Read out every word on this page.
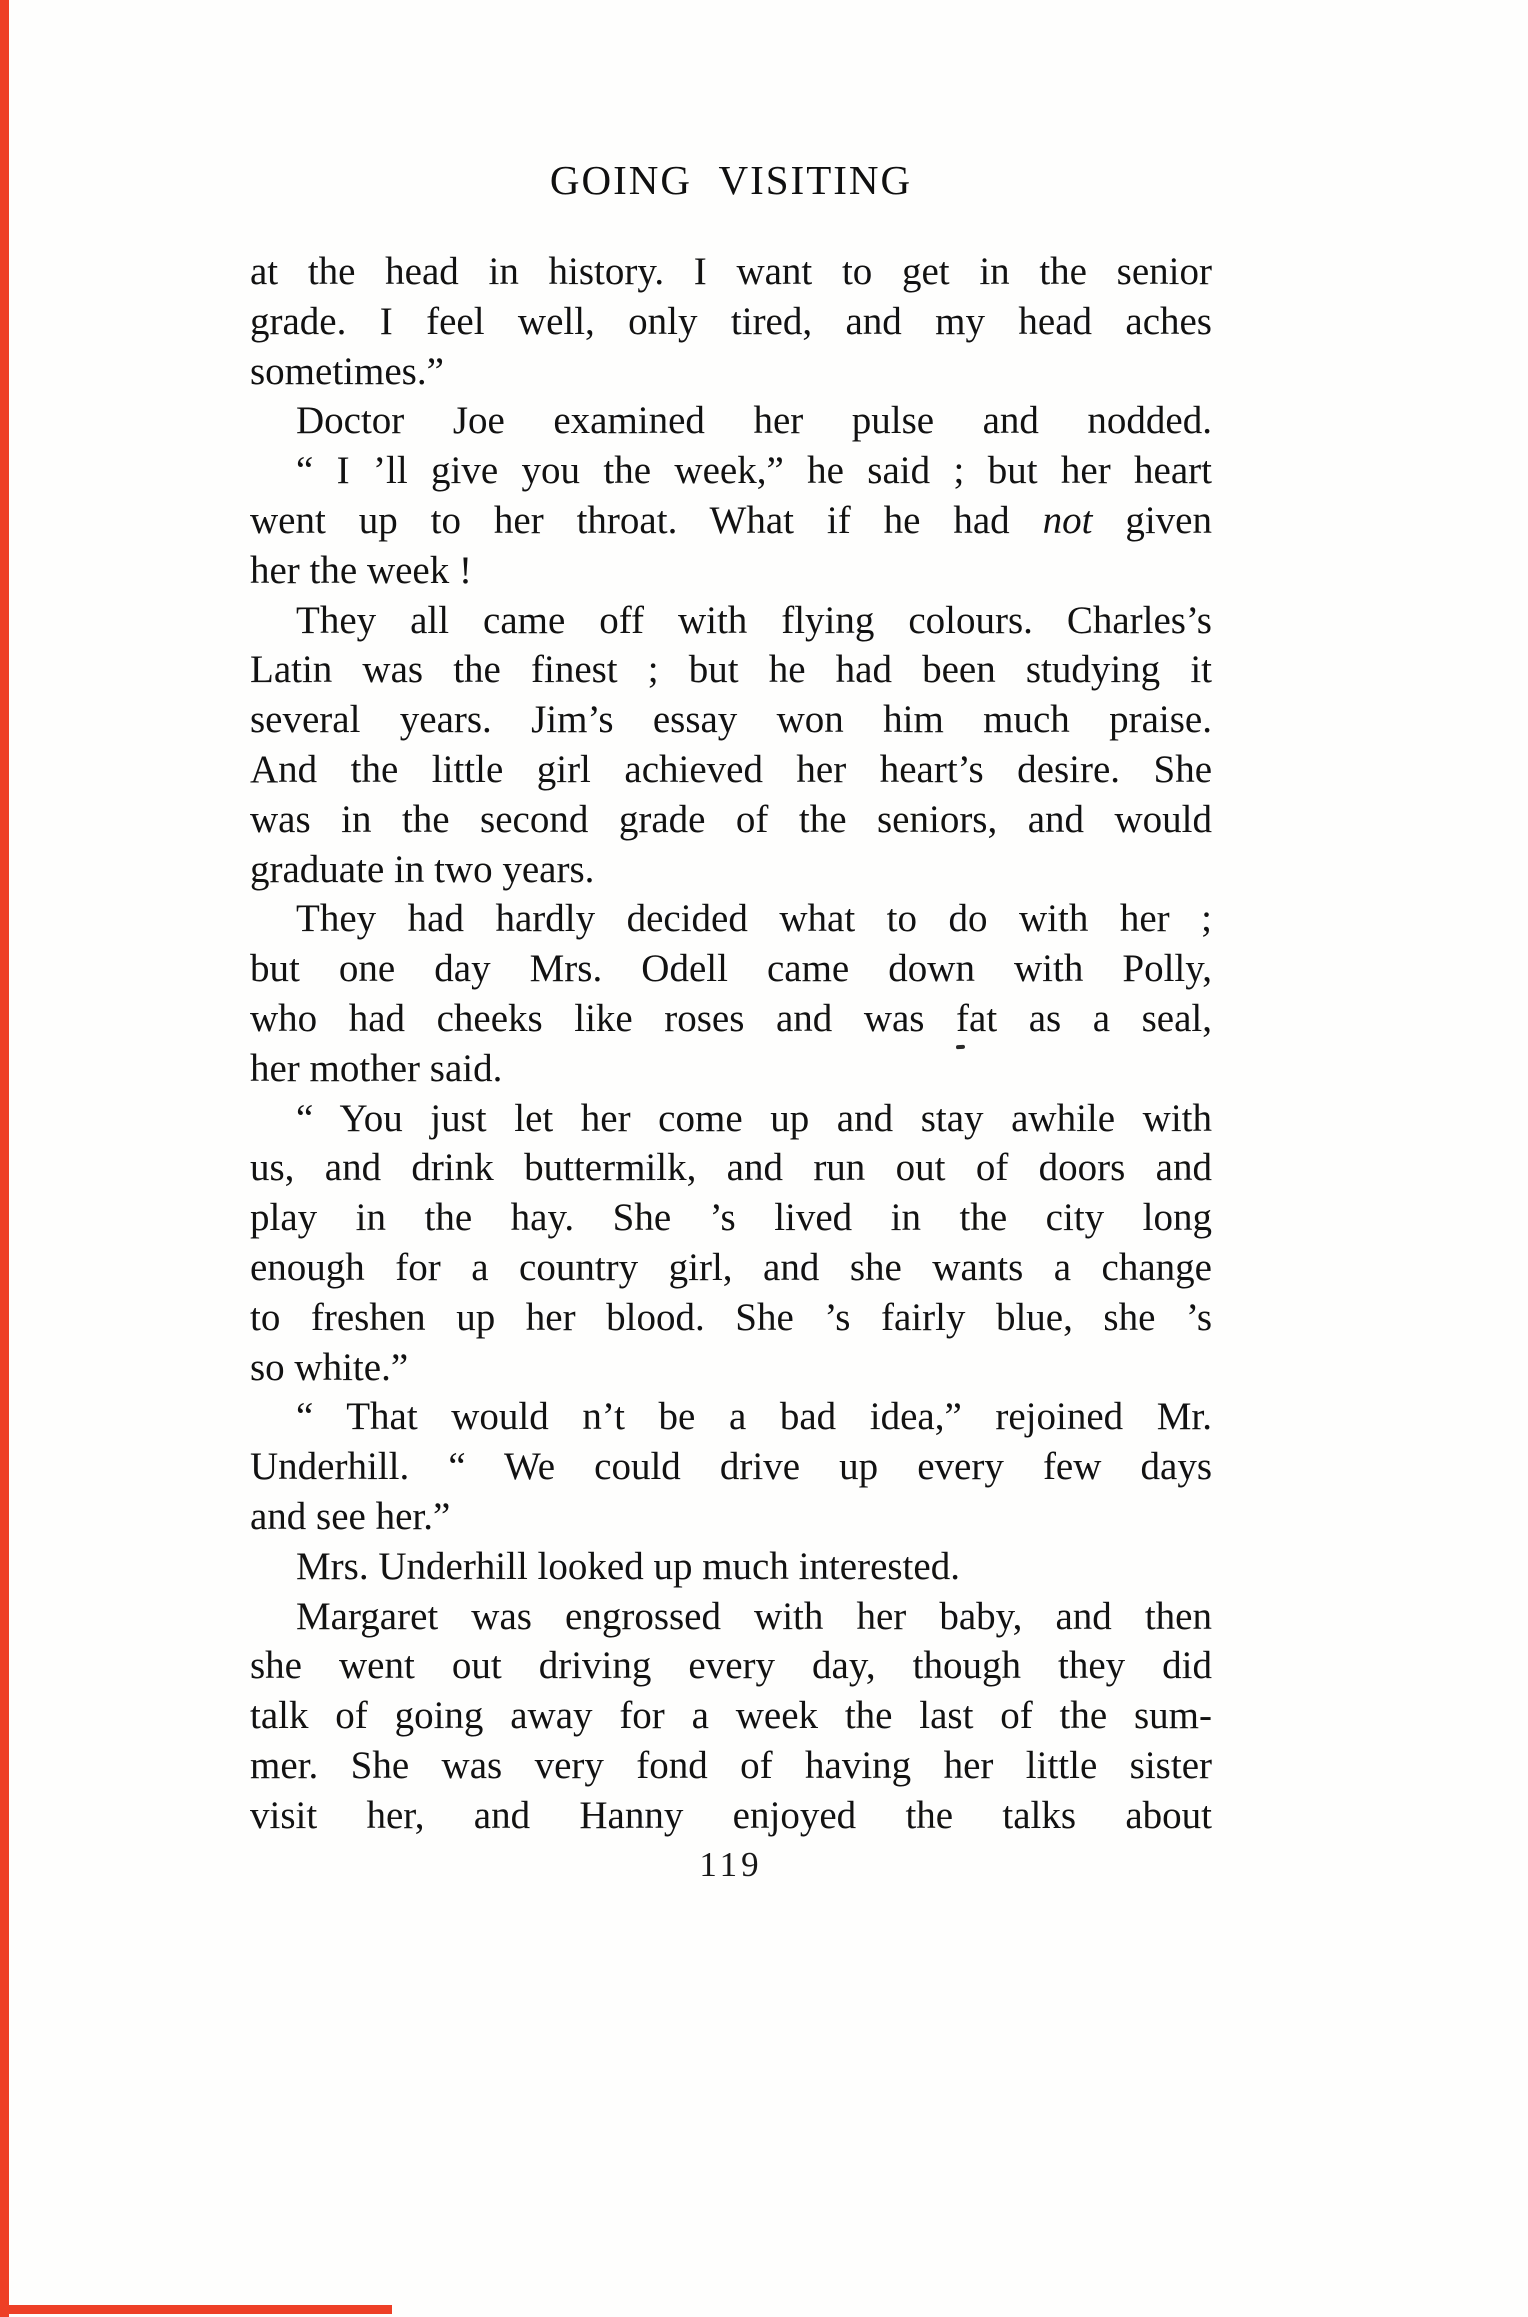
GOING VISITING
at the head in history. I want to get in the senior
grade. I feel well, only tired, and my head aches
sometimes.”
Doctor Joe examined her pulse and nodded.
“ I ’ll give you the week,” he said ; but her heart
went up to her throat. What if he had not given
her the week !
They all came off with flying colours. Charles’s
Latin was the finest ; but he had been studying it
several years. Jim’s essay won him much praise.
And the little girl achieved her heart’s desire. She
was in the second grade of the seniors, and would
graduate in two years.
They had hardly decided what to do with her ;
but one day Mrs. Odell came down with Polly,
who had cheeks like roses and was fat as a seal,
her mother said.
“ You just let her come up and stay awhile with
us, and drink buttermilk, and run out of doors and
play in the hay. She ’s lived in the city long
enough for a country girl, and she wants a change
to freshen up her blood. She ’s fairly blue, she ’s
so white.”
“ That would n’t be a bad idea,” rejoined Mr.
Underhill. “ We could drive up every few days
and see her.”
Mrs. Underhill looked up much interested.
Margaret was engrossed with her baby, and then
she went out driving every day, though they did
talk of going away for a week the last of the sum-
mer. She was very fond of having her little sister
visit her, and Hanny enjoyed the talks about
119
